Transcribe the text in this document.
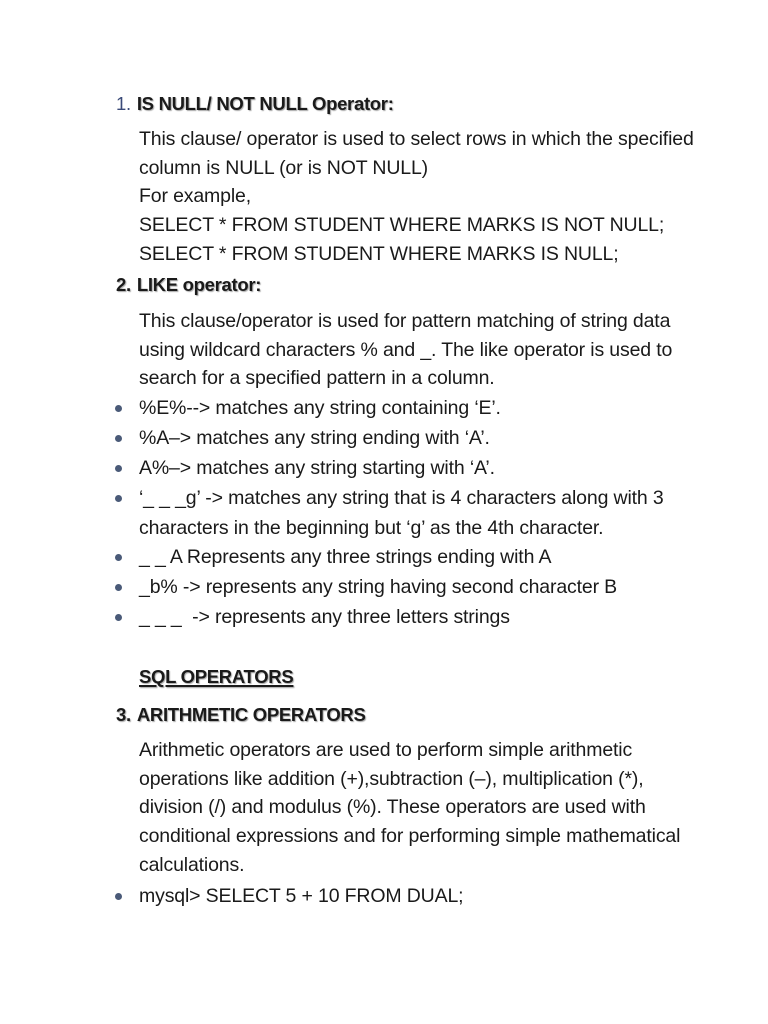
1. IS NULL/ NOT NULL Operator:
This clause/ operator is used to select rows in which the specified
column is NULL (or is NOT NULL)
For example,
SELECT * FROM STUDENT WHERE MARKS IS NOT NULL;
SELECT * FROM STUDENT WHERE MARKS IS NULL;
2. LIKE operator:
This clause/operator is used for pattern matching of string data
using wildcard characters % and _. The like operator is used to
search for a specified pattern in a column.
%E%--> matches any string containing ‘E’.
%A–> matches any string ending with ‘A’.
A%–> matches any string starting with ‘A’.
‘_ _ _g’ -> matches any string that is 4 characters along with 3
characters in the beginning but ‘g’ as the 4th character.
_ _ A Represents any three strings ending with A
_b% -> represents any string having second character B
_ _ _  -> represents any three letters strings
SQL OPERATORS
3. ARITHMETIC OPERATORS
Arithmetic operators are used to perform simple arithmetic
operations like addition (+),subtraction (–), multiplication (*),
division (/) and modulus (%). These operators are used with
conditional expressions and for performing simple mathematical
calculations.
mysql> SELECT 5 + 10 FROM DUAL;
